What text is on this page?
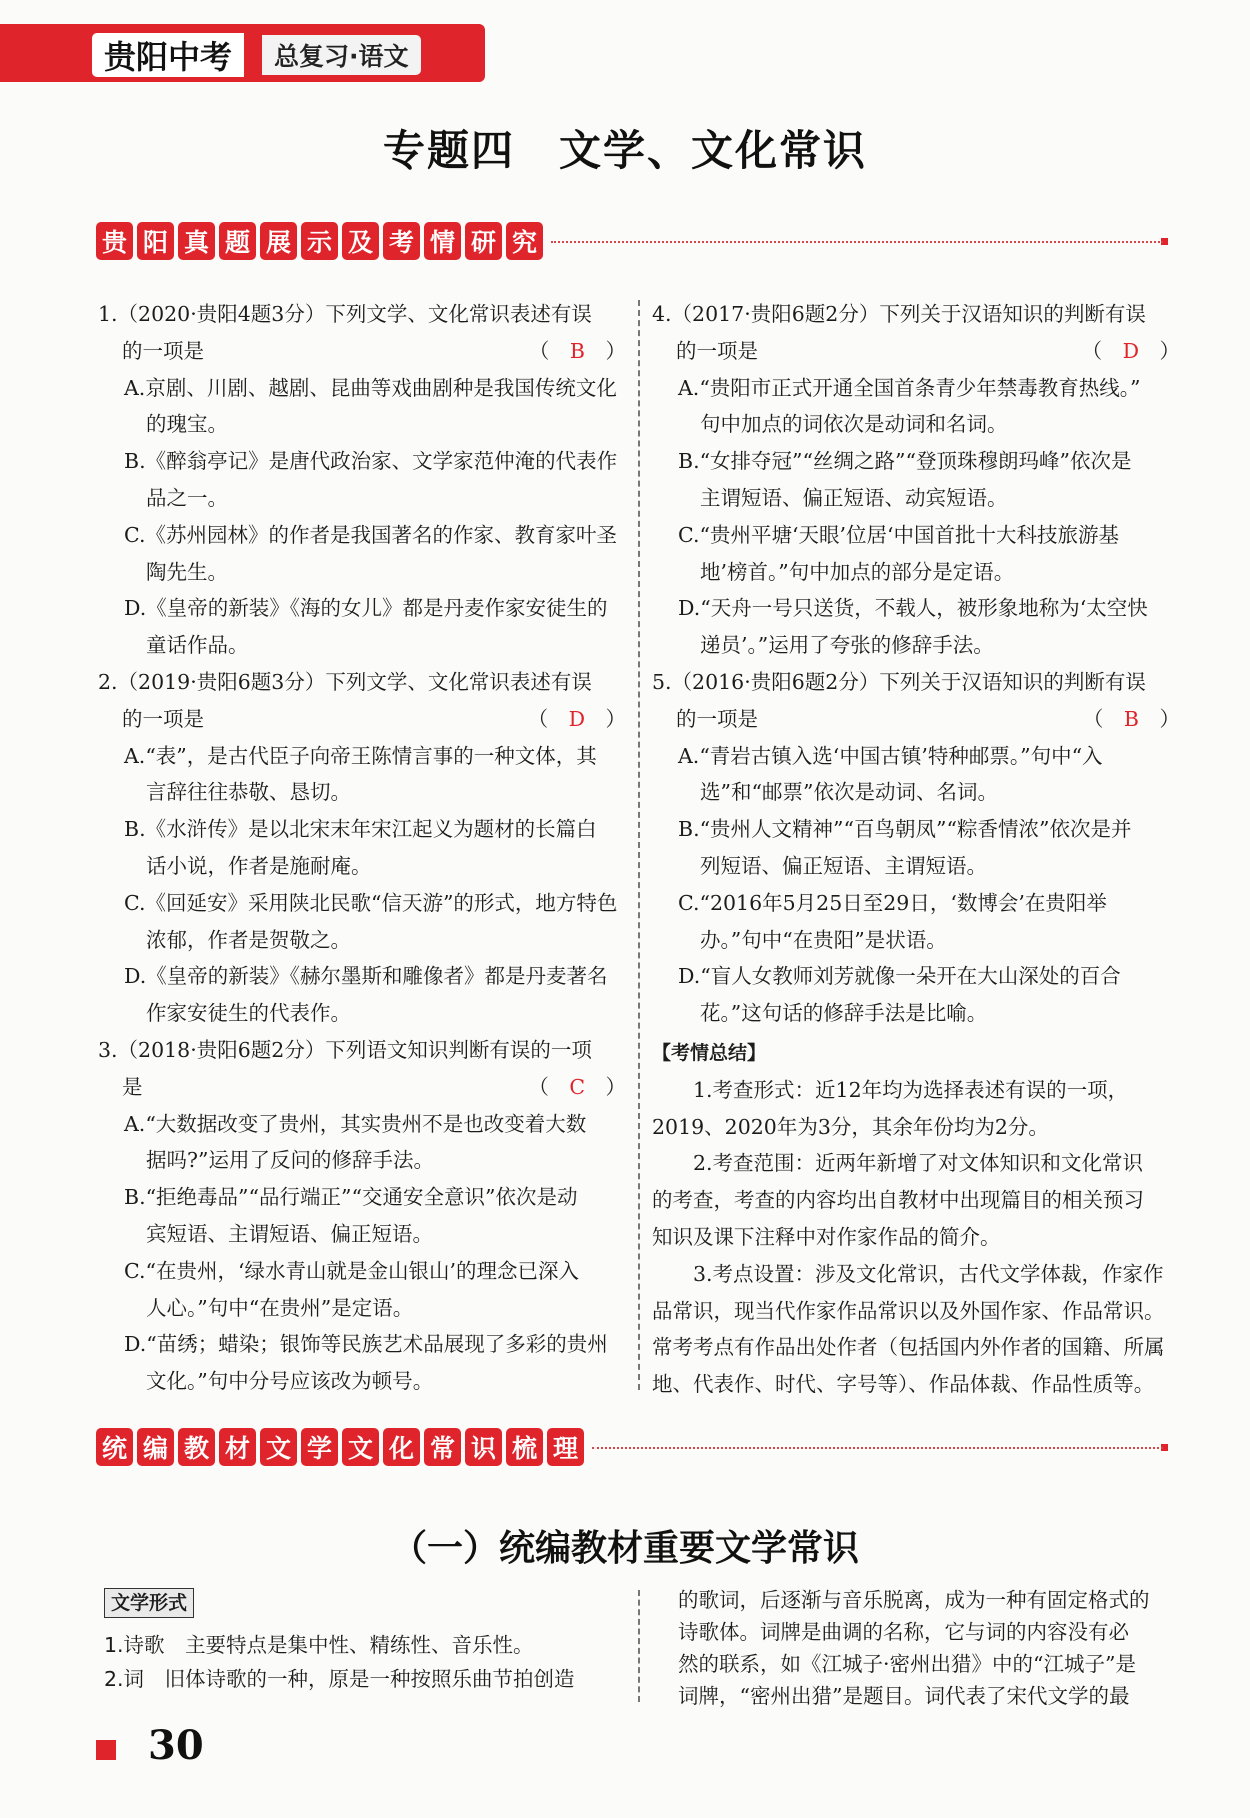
贵阳中考	总复习·语文
专题四　文学、文化常识
贵 阳 真 题 展 示 及 考 情 研 究

1.（2020·贵阳4题3分）下列文学、文化常识表述有误

的一项是	（　B　）

A.京剧、川剧、越剧、昆曲等戏曲剧种是我国传统文化

的瑰宝。

B.《醉翁亭记》是唐代政治家、文学家范仲淹的代表作

品之一。

C.《苏州园林》的作者是我国著名的作家、教育家叶圣

陶先生。

D.《皇帝的新装》《海的女儿》都是丹麦作家安徒生的

童话作品。

2.（2019·贵阳6题3分）下列文学、文化常识表述有误

的一项是	（　D　）

A.“表”，是古代臣子向帝王陈情言事的一种文体，其

言辞往往恭敬、恳切。

B.《水浒传》是以北宋末年宋江起义为题材的长篇白

话小说，作者是施耐庵。

C.《回延安》采用陕北民歌“信天游”的形式，地方特色

浓郁，作者是贺敬之。

D.《皇帝的新装》《赫尔墨斯和雕像者》都是丹麦著名

作家安徒生的代表作。

3.（2018·贵阳6题2分）下列语文知识判断有误的一项

是	（　C　）

A.“大数据改变了贵州，其实贵州不是也改变着大数

据吗?”运用了反问的修辞手法。

B.“拒绝毒品”“品行端正”“交通安全意识”依次是动

宾短语、主谓短语、偏正短语。

C.“在贵州，‘绿水青山就是金山银山’的理念已深入

人心。”句中“在贵州”是定语。

D.“苗绣；蜡染；银饰等民族艺术品展现了多彩的贵州

文化。”句中分号应该改为顿号。

4.（2017·贵阳6题2分）下列关于汉语知识的判断有误

的一项是	（　D　）

A.“贵阳市正式开通全国首条青少年禁毒教育热线。”

句中加点的词依次是动词和名词。

B.“女排夺冠”“丝绸之路”“登顶珠穆朗玛峰”依次是

主谓短语、偏正短语、动宾短语。

C.“贵州平塘‘天眼’位居‘中国首批十大科技旅游基

地’榜首。”句中加点的部分是定语。

D.“天舟一号只送货，不载人，被形象地称为‘太空快

递员’。”运用了夸张的修辞手法。

5.（2016·贵阳6题2分）下列关于汉语知识的判断有误

的一项是	（　B　）

A.“青岩古镇入选‘中国古镇’特种邮票。”句中“入

选”和“邮票”依次是动词、名词。

B.“贵州人文精神”“百鸟朝凤”“粽香情浓”依次是并

列短语、偏正短语、主谓短语。

C.“2016年5月25日至29日，‘数博会’在贵阳举

办。”句中“在贵阳”是状语。

D.“盲人女教师刘芳就像一朵开在大山深处的百合

花。”这句话的修辞手法是比喻。

【考情总结】

1.考查形式：近12年均为选择表述有误的一项，

2019、2020年为3分，其余年份均为2分。

2.考查范围：近两年新增了对文体知识和文化常识

的考查，考查的内容均出自教材中出现篇目的相关预习

知识及课下注释中对作家作品的简介。

3.考点设置：涉及文化常识，古代文学体裁，作家作

品常识，现当代作家作品常识以及外国作家、作品常识。

常考考点有作品出处作者（包括国内外作者的国籍、所属

地、代表作、时代、字号等）、作品体裁、作品性质等。

统 编 教 材 文 学 文 化 常 识 梳 理
（一）统编教材重要文学常识
文学形式

1.诗歌　 主要特点是集中性、精练性、音乐性。

2.词　 旧体诗歌的一种，原是一种按照乐曲节拍创造

的歌词，后逐渐与音乐脱离，成为一种有固定格式的

诗歌体。词牌是曲调的名称，它与词的内容没有必

然的联系，如《江城子·密州出猎》中的“江城子”是

词牌，“密州出猎”是题目。词代表了宋代文学的最

30
